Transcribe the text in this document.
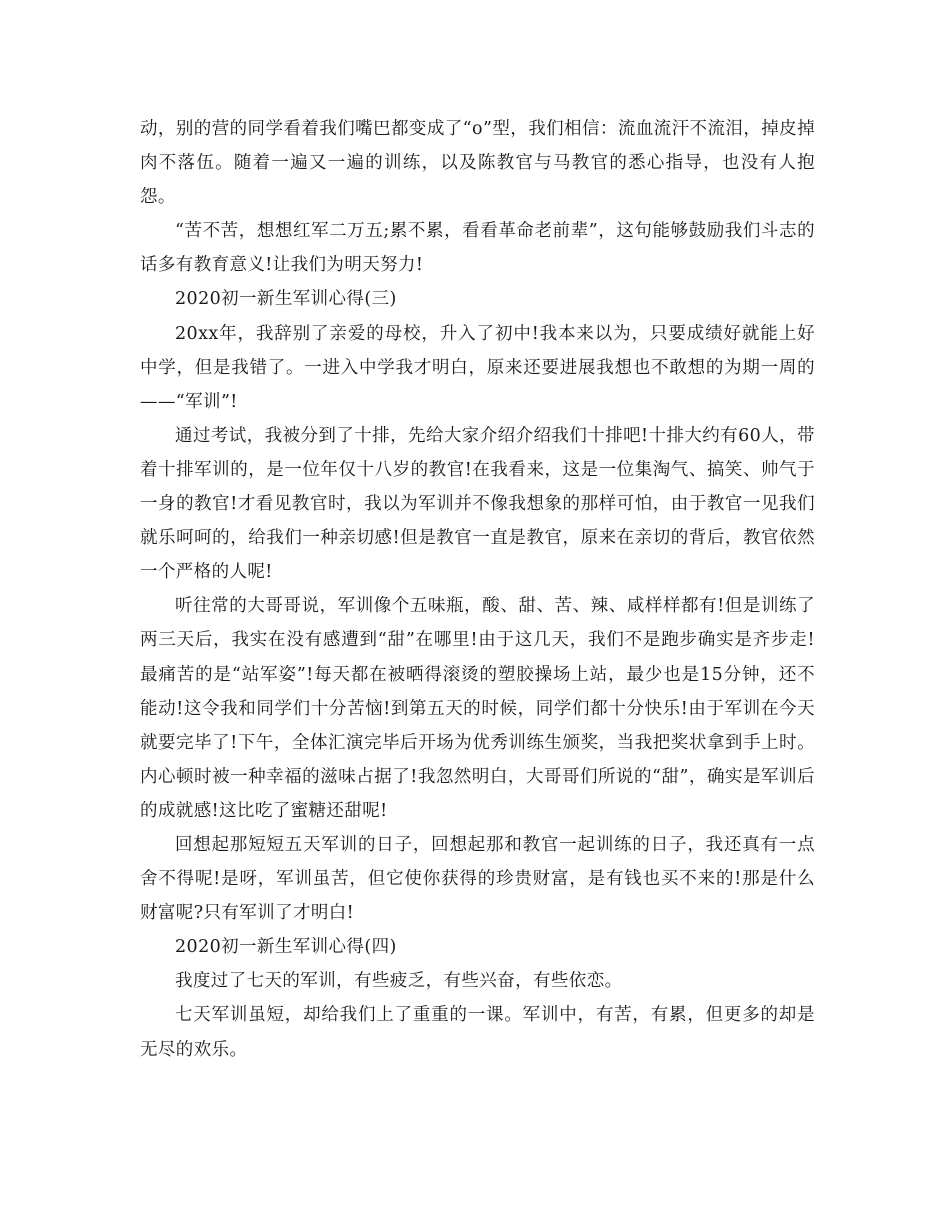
动，别的营的同学看着我们嘴巴都变成了“o”型，我们相信：流血流汗不流泪，掉皮掉肉不落伍。随着一遍又一遍的训练，以及陈教官与马教官的悉心指导，也没有人抱怨。

“苦不苦，想想红军二万五;累不累，看看革命老前辈”，这句能够鼓励我们斗志的话多有教育意义!让我们为明天努力!

2020初一新生军训心得(三)

20xx年，我辞别了亲爱的母校，升入了初中!我本来以为，只要成绩好就能上好中学，但是我错了。一进入中学我才明白，原来还要进展我想也不敢想的为期一周的——“军训”!

通过考试，我被分到了十排，先给大家介绍介绍我们十排吧!十排大约有60人，带着十排军训的，是一位年仅十八岁的教官!在我看来，这是一位集淘气、搞笑、帅气于一身的教官!才看见教官时，我以为军训并不像我想象的那样可怕，由于教官一见我们就乐呵呵的，给我们一种亲切感!但是教官一直是教官，原来在亲切的背后，教官依然一个严格的人呢!

听往常的大哥哥说，军训像个五味瓶，酸、甜、苦、辣、咸样样都有!但是训练了两三天后，我实在没有感遭到“甜”在哪里!由于这几天，我们不是跑步确实是齐步走!最痛苦的是“站军姿”!每天都在被晒得滚烫的塑胶操场上站，最少也是15分钟，还不能动!这令我和同学们十分苦恼!到第五天的时候，同学们都十分快乐!由于军训在今天就要完毕了!下午，全体汇演完毕后开场为优秀训练生颁奖，当我把奖状拿到手上时。内心顿时被一种幸福的滋味占据了!我忽然明白，大哥哥们所说的“甜”，确实是军训后的成就感!这比吃了蜜糖还甜呢!

回想起那短短五天军训的日子，回想起那和教官一起训练的日子，我还真有一点舍不得呢!是呀，军训虽苦，但它使你获得的珍贵财富，是有钱也买不来的!那是什么财富呢?只有军训了才明白!

2020初一新生军训心得(四)

我度过了七天的军训，有些疲乏，有些兴奋，有些依恋。

七天军训虽短，却给我们上了重重的一课。军训中，有苦，有累，但更多的却是无尽的欢乐。
